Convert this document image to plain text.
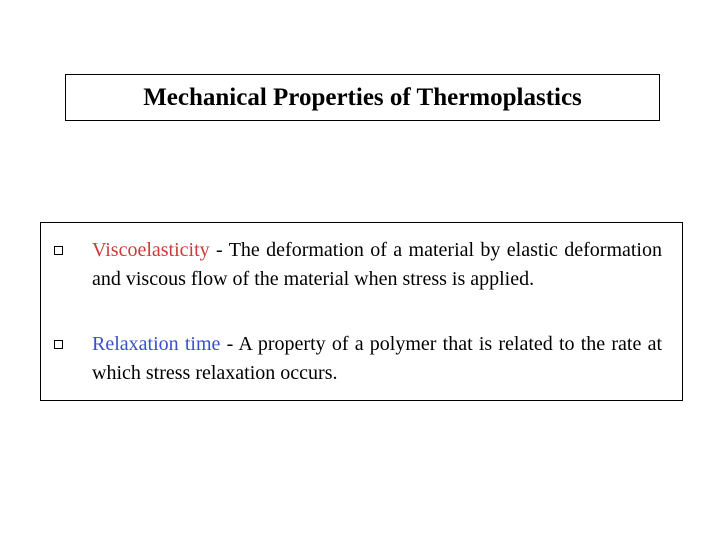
Mechanical Properties of Thermoplastics
Viscoelasticity - The deformation of a material by elastic deformation and viscous flow of the material when stress is applied.
Relaxation time - A property of a polymer that is related to the rate at which stress relaxation occurs.
